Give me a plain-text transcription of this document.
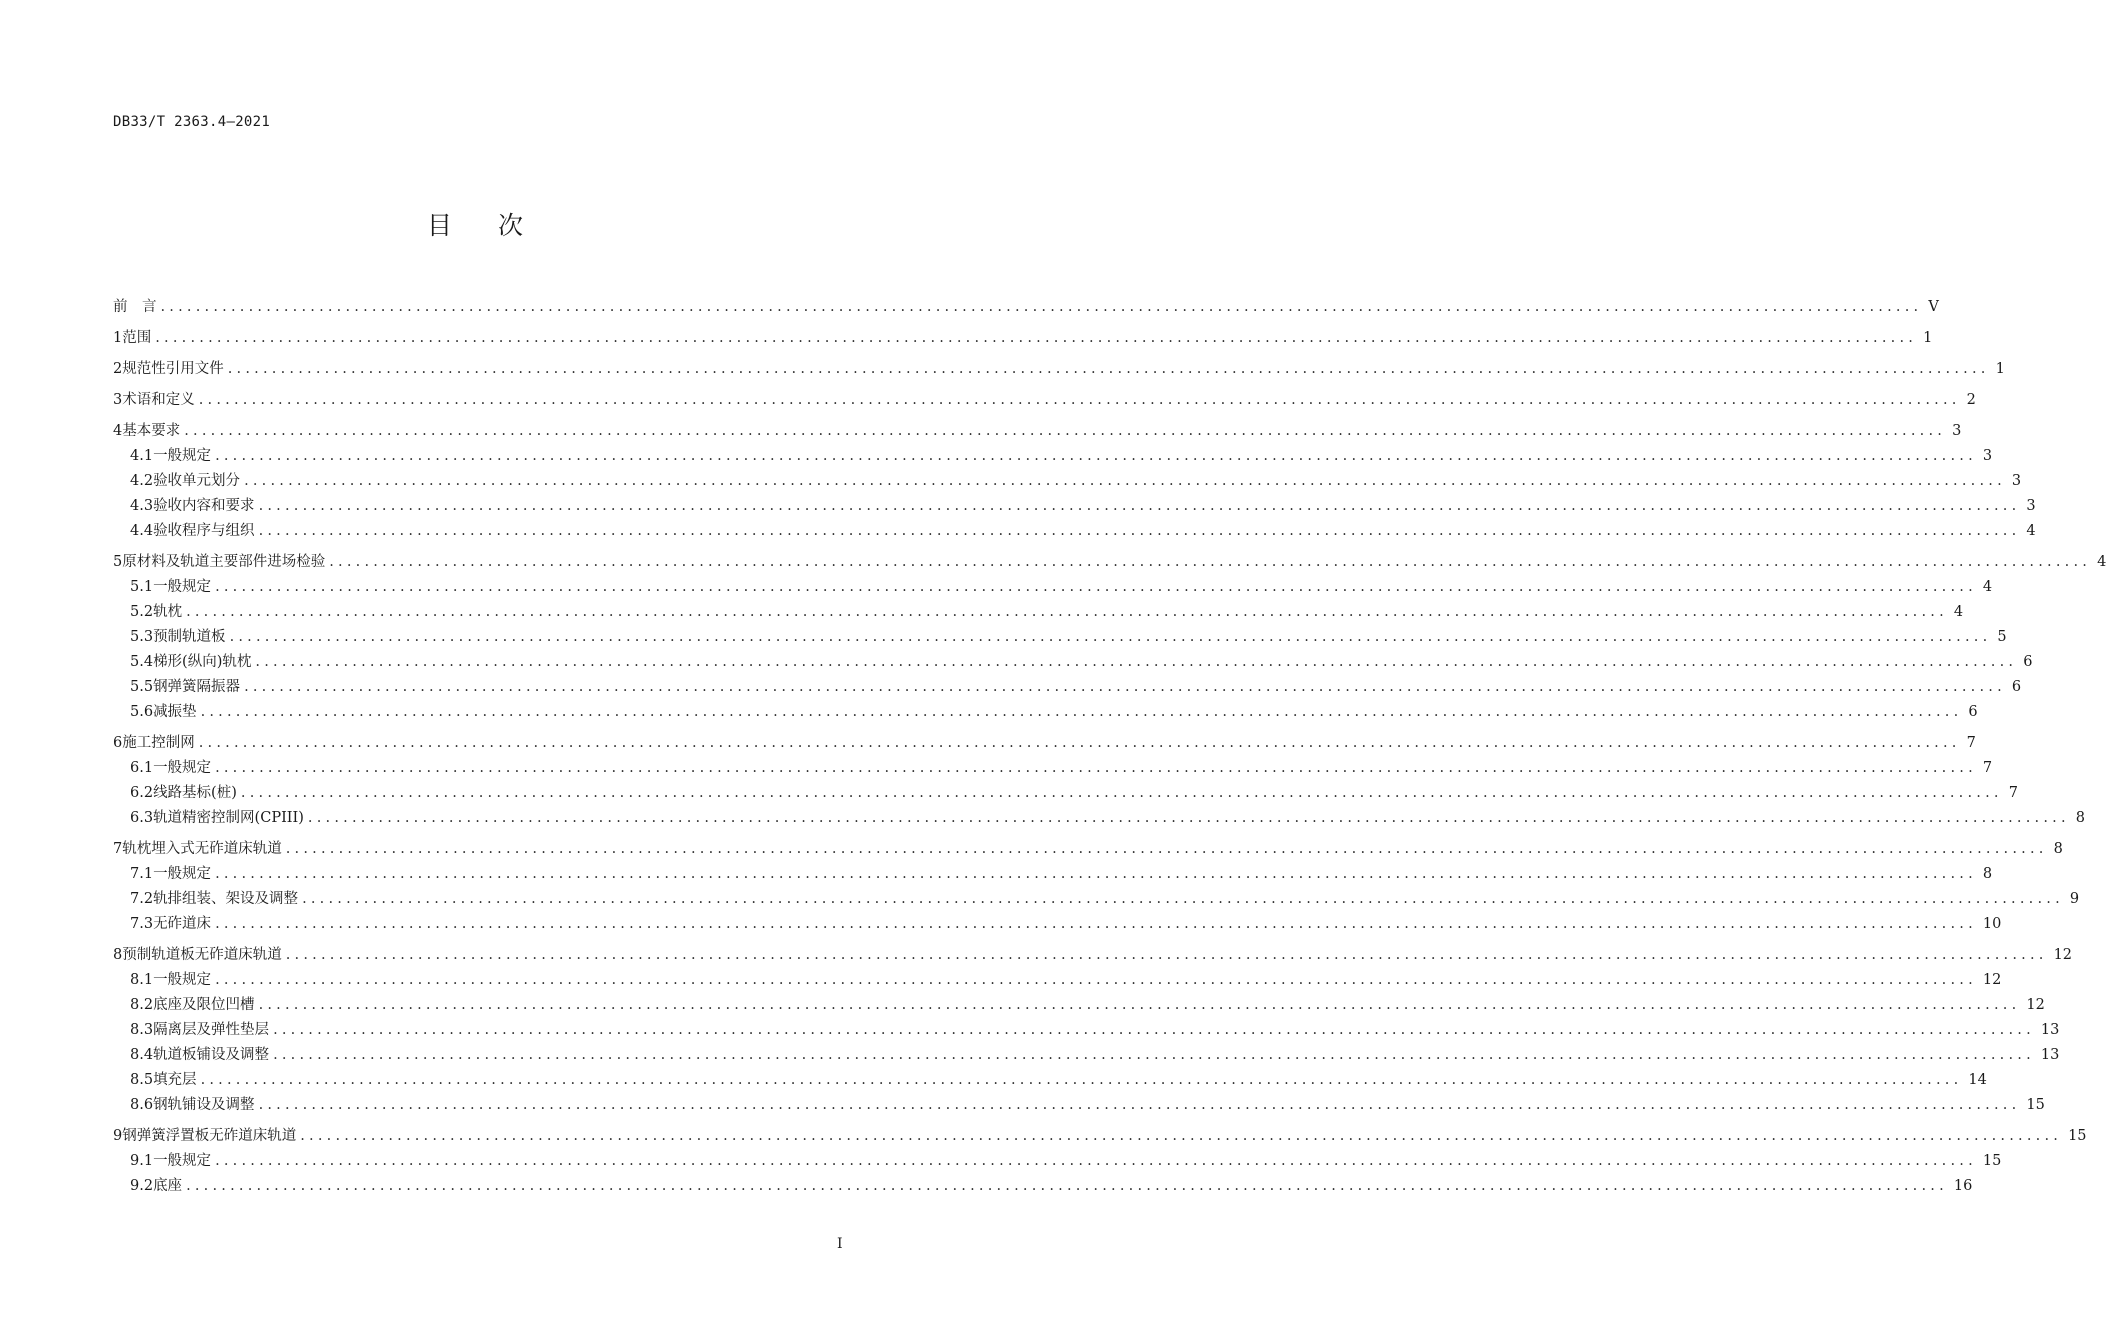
DB33/T 2363.4—2021
目次
前　言 ........................................................................................................................................................................................................ V
1 范围 ........................................................................................................................................................................................................ 1
2 规范性引用文件 ........................................................................................................................................................................................................ 1
3 术语和定义 ........................................................................................................................................................................................................ 2
4 基本要求 ........................................................................................................................................................................................................ 3
4.1 一般规定 ........................................................................................................................................................................................................ 3
4.2 验收单元划分 ........................................................................................................................................................................................................ 3
4.3 验收内容和要求 ........................................................................................................................................................................................................ 3
4.4 验收程序与组织 ........................................................................................................................................................................................................ 4
5 原材料及轨道主要部件进场检验 ........................................................................................................................................................................................................ 4
5.1 一般规定 ........................................................................................................................................................................................................ 4
5.2 轨枕 ........................................................................................................................................................................................................ 4
5.3 预制轨道板 ........................................................................................................................................................................................................ 5
5.4 梯形(纵向)轨枕 ........................................................................................................................................................................................................ 6
5.5 钢弹簧隔振器 ........................................................................................................................................................................................................ 6
5.6 减振垫 ........................................................................................................................................................................................................ 6
6 施工控制网 ........................................................................................................................................................................................................ 7
6.1 一般规定 ........................................................................................................................................................................................................ 7
6.2 线路基标(桩) ........................................................................................................................................................................................................ 7
6.3 轨道精密控制网(CPIII) ........................................................................................................................................................................................................ 8
7 轨枕埋入式无砟道床轨道 ........................................................................................................................................................................................................ 8
7.1 一般规定 ........................................................................................................................................................................................................ 8
7.2 轨排组装、架设及调整 ........................................................................................................................................................................................................ 9
7.3 无砟道床 ........................................................................................................................................................................................................ 10
8 预制轨道板无砟道床轨道 ........................................................................................................................................................................................................ 12
8.1 一般规定 ........................................................................................................................................................................................................ 12
8.2 底座及限位凹槽 ........................................................................................................................................................................................................ 12
8.3 隔离层及弹性垫层 ........................................................................................................................................................................................................ 13
8.4 轨道板铺设及调整 ........................................................................................................................................................................................................ 13
8.5 填充层 ........................................................................................................................................................................................................ 14
8.6 钢轨铺设及调整 ........................................................................................................................................................................................................ 15
9 钢弹簧浮置板无砟道床轨道 ........................................................................................................................................................................................................ 15
9.1 一般规定 ........................................................................................................................................................................................................ 15
9.2 底座 ........................................................................................................................................................................................................ 16
I
